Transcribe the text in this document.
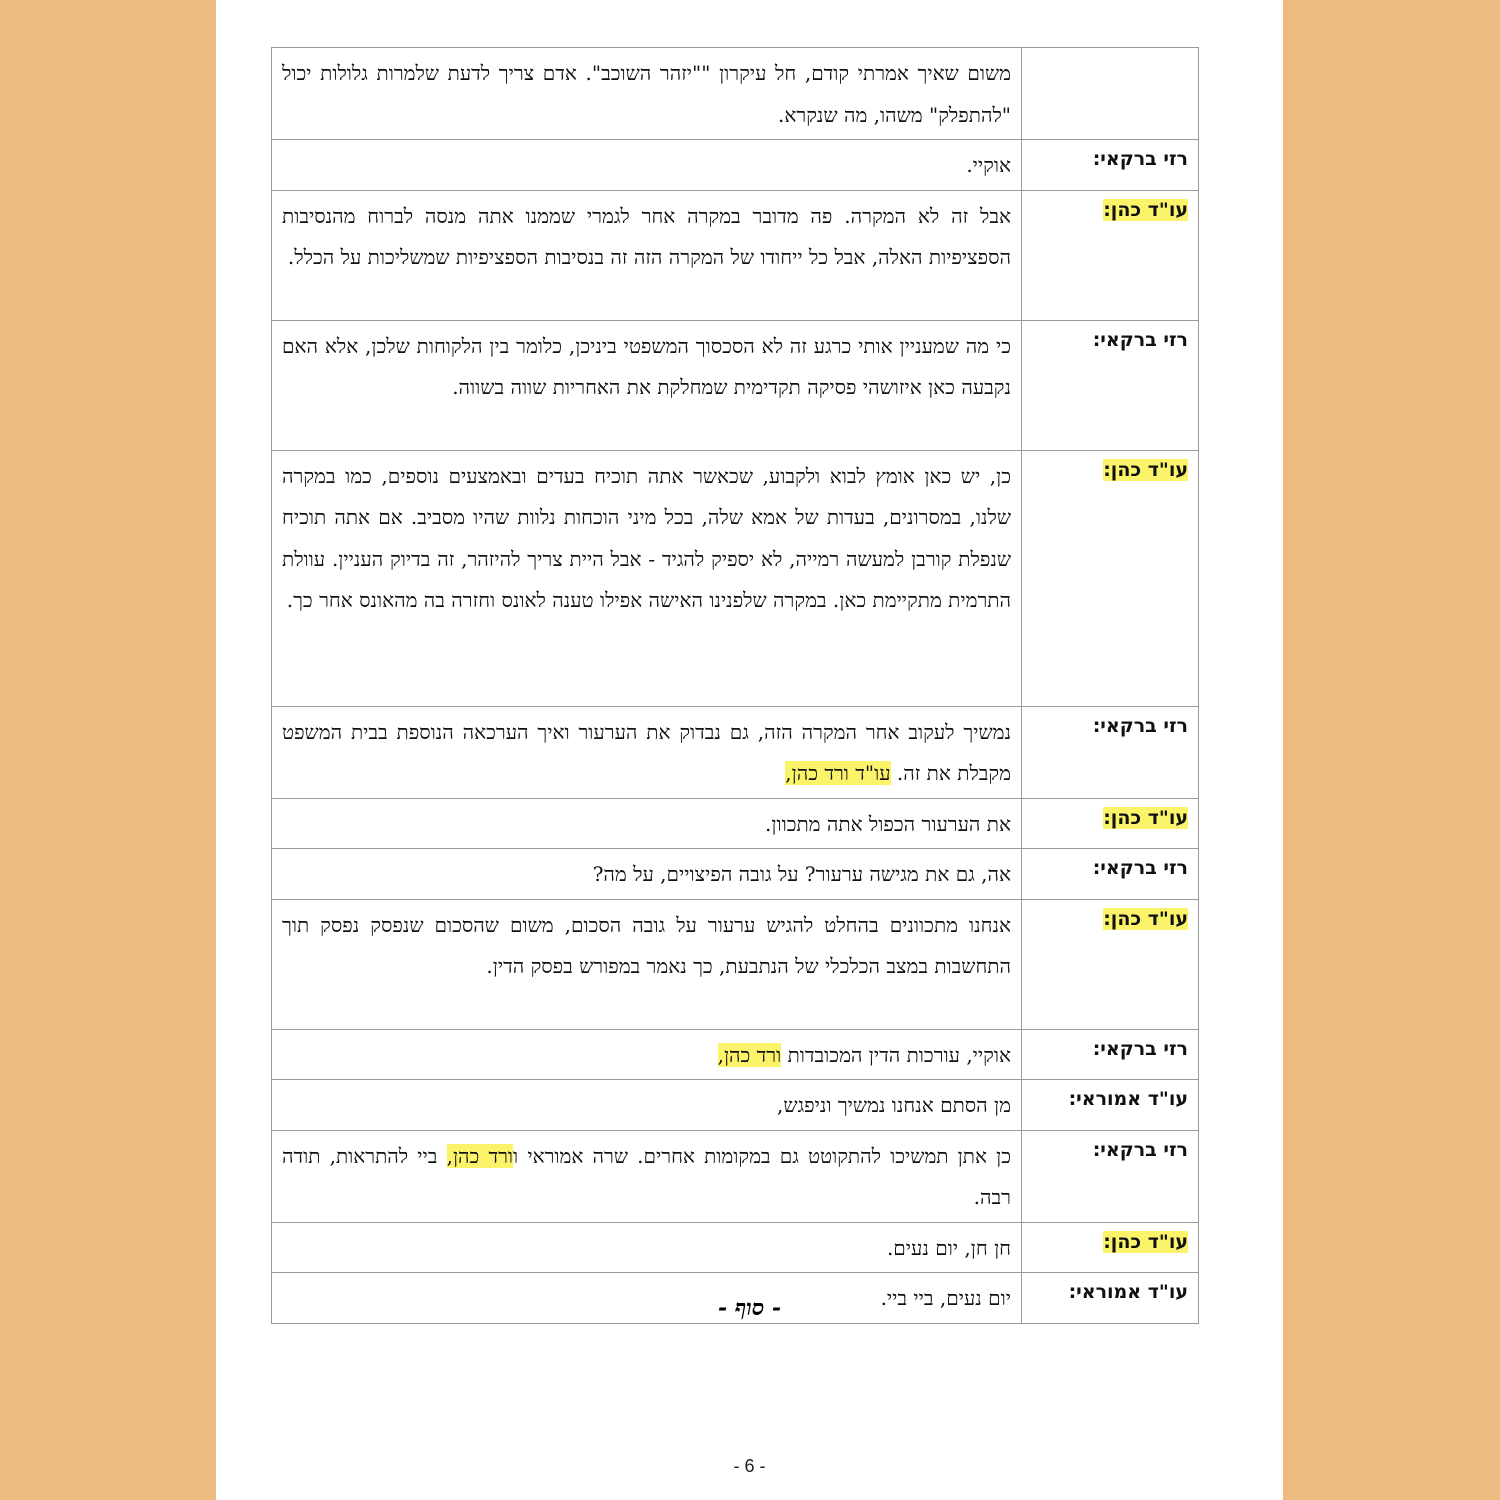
	משום שאיך אמרתי קודם, חל עיקרון ""יזהר השוכב". אדם צריך לדעת שלמרות גלולות יכול "להתפלק" משהו, מה שנקרא.
רזי ברקאי:	אוקיי.
עו"ד כהן:	אבל זה לא המקרה. פה מדובר במקרה אחר לגמרי שממנו אתה מנסה לברוח מהנסיבות הספציפיות האלה, אבל כל ייחודו של המקרה הזה זה בנסיבות הספציפיות שמשליכות על הכלל.
רזי ברקאי:	כי מה שמעניין אותי כרגע זה לא הסכסוך המשפטי ביניכן, כלומר בין הלקוחות שלכן, אלא האם נקבעה כאן איזושהי פסיקה תקדימית שמחלקת את האחריות שווה בשווה.
עו"ד כהן:	כן, יש כאן אומץ לבוא ולקבוע, שכאשר אתה תוכיח בעדים ובאמצעים נוספים, כמו במקרה שלנו, במסרונים, בעדות של אמא שלה, בכל מיני הוכחות נלוות שהיו מסביב. אם אתה תוכיח שנפלת קורבן למעשה רמייה, לא יספיק להגיד - אבל היית צריך להיזהר, זה בדיוק העניין. עוולת התרמית מתקיימת כאן. במקרה שלפנינו האישה אפילו טענה לאונס וחזרה בה מהאונס אחר כך.
רזי ברקאי:	נמשיך לעקוב אחר המקרה הזה, גם נבדוק את הערעור ואיך הערכאה הנוספת בבית המשפט מקבלת את זה. עו"ד ורד כהן,
עו"ד כהן:	את הערעור הכפול אתה מתכוון.
רזי ברקאי:	אה, גם את מגישה ערעור? על גובה הפיצויים, על מה?
עו"ד כהן:	אנחנו מתכוונים בהחלט להגיש ערעור על גובה הסכום, משום שהסכום שנפסק נפסק תוך התחשבות במצב הכלכלי של הנתבעת, כך נאמר במפורש בפסק הדין.
רזי ברקאי:	אוקיי, עורכות הדין המכובדות ורד כהן,
עו"ד אמוראי:	מן הסתם אנחנו נמשיך וניפגש,
רזי ברקאי:	כן אתן תמשיכו להתקוטט גם במקומות אחרים. שרה אמוראי וורד כהן, ביי להתראות, תודה רבה.
עו"ד כהן:	חן חן, יום נעים.
עו"ד אמוראי:	יום נעים, ביי ביי.
- סוף -
- 6 -
